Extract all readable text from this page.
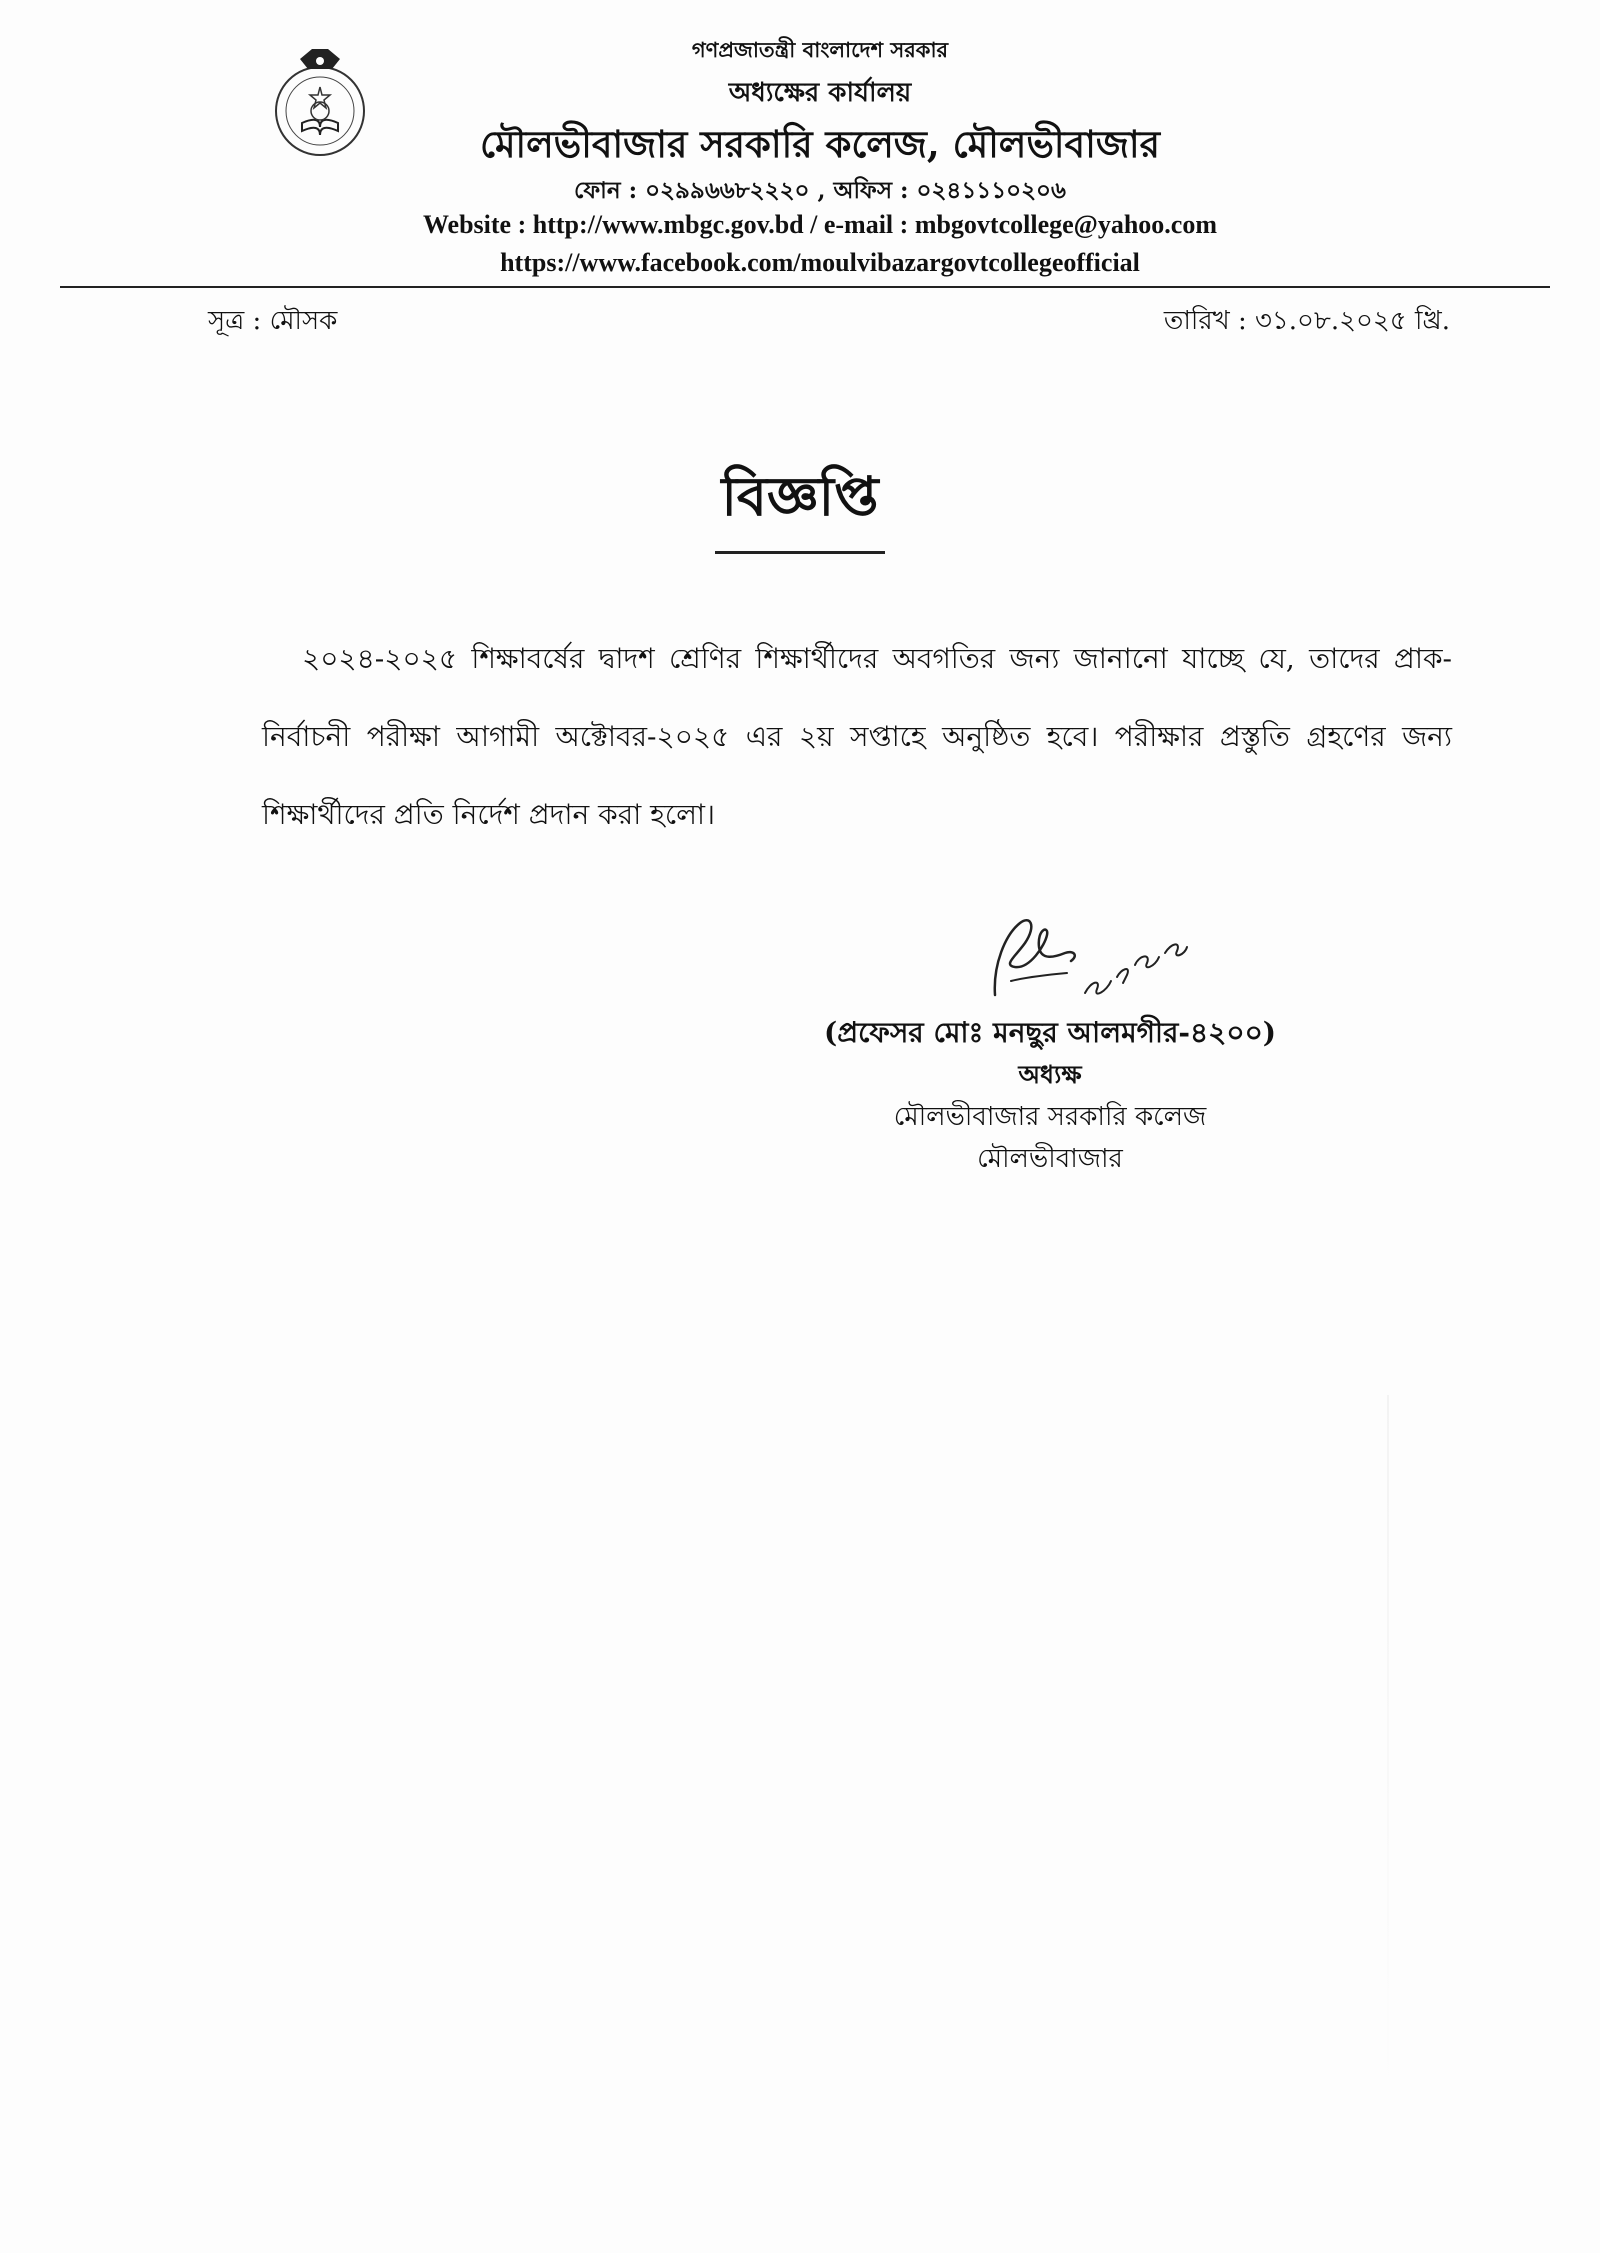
গণপ্রজাতন্ত্রী বাংলাদেশ সরকার
অধ্যক্ষের কার্যালয়
মৌলভীবাজার সরকারি কলেজ, মৌলভীবাজার
ফোন : ০২৯৯৬৬৮২২২০ , অফিস : ০২৪১১১০২০৬
Website : http://www.mbgc.gov.bd / e-mail : mbgovtcollege@yahoo.com
https://www.facebook.com/moulvibazargovtcollegeofficial
সূত্র : মৌসক	তারিখ : ৩১.০৮.২০২৫ খ্রি.
বিজ্ঞপ্তি
২০২৪-২০২৫ শিক্ষাবর্ষের দ্বাদশ শ্রেণির শিক্ষার্থীদের অবগতির জন্য জানানো যাচ্ছে যে, তাদের প্রাক-নির্বাচনী পরীক্ষা আগামী অক্টোবর-২০২৫ এর ২য় সপ্তাহে অনুষ্ঠিত হবে। পরীক্ষার প্রস্তুতি গ্রহণের জন্য শিক্ষার্থীদের প্রতি নির্দেশ প্রদান করা হলো।
(প্রফেসর মোঃ মনছুর আলমগীর-৪২০০)
অধ্যক্ষ
মৌলভীবাজার সরকারি কলেজ
মৌলভীবাজার
